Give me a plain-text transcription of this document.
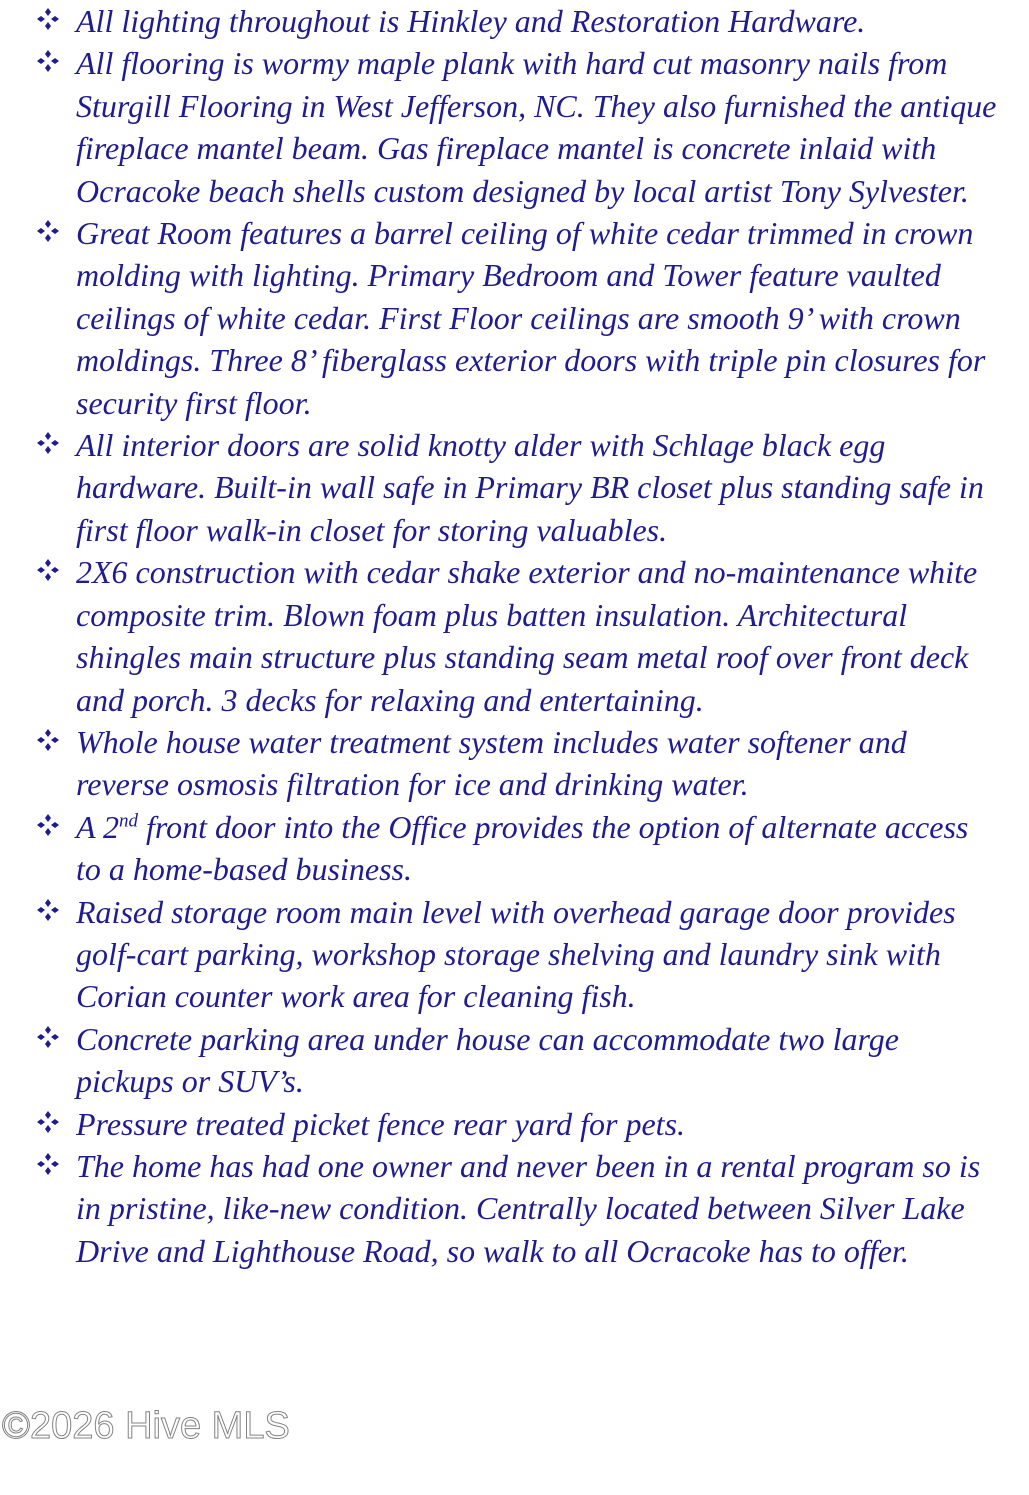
All lighting throughout is Hinkley and Restoration Hardware.
All flooring is wormy maple plank with hard cut masonry nails from Sturgill Flooring in West Jefferson, NC. They also furnished the antique fireplace mantel beam. Gas fireplace mantel is concrete inlaid with Ocracoke beach shells custom designed by local artist Tony Sylvester.
Great Room features a barrel ceiling of white cedar trimmed in crown molding with lighting. Primary Bedroom and Tower feature vaulted ceilings of white cedar. First Floor ceilings are smooth 9’ with crown moldings. Three 8’ fiberglass exterior doors with triple pin closures for security first floor.
All interior doors are solid knotty alder with Schlage black egg hardware. Built-in wall safe in Primary BR closet plus standing safe in first floor walk-in closet for storing valuables.
2X6 construction with cedar shake exterior and no-maintenance white composite trim. Blown foam plus batten insulation. Architectural shingles main structure plus standing seam metal roof over front deck and porch. 3 decks for relaxing and entertaining.
Whole house water treatment system includes water softener and reverse osmosis filtration for ice and drinking water.
A 2nd front door into the Office provides the option of alternate access to a home-based business.
Raised storage room main level with overhead garage door provides golf-cart parking, workshop storage shelving and laundry sink with Corian counter work area for cleaning fish.
Concrete parking area under house can accommodate two large pickups or SUV’s.
Pressure treated picket fence rear yard for pets.
The home has had one owner and never been in a rental program so is in pristine, like-new condition. Centrally located between Silver Lake Drive and Lighthouse Road, so walk to all Ocracoke has to offer.
©2026 Hive MLS
